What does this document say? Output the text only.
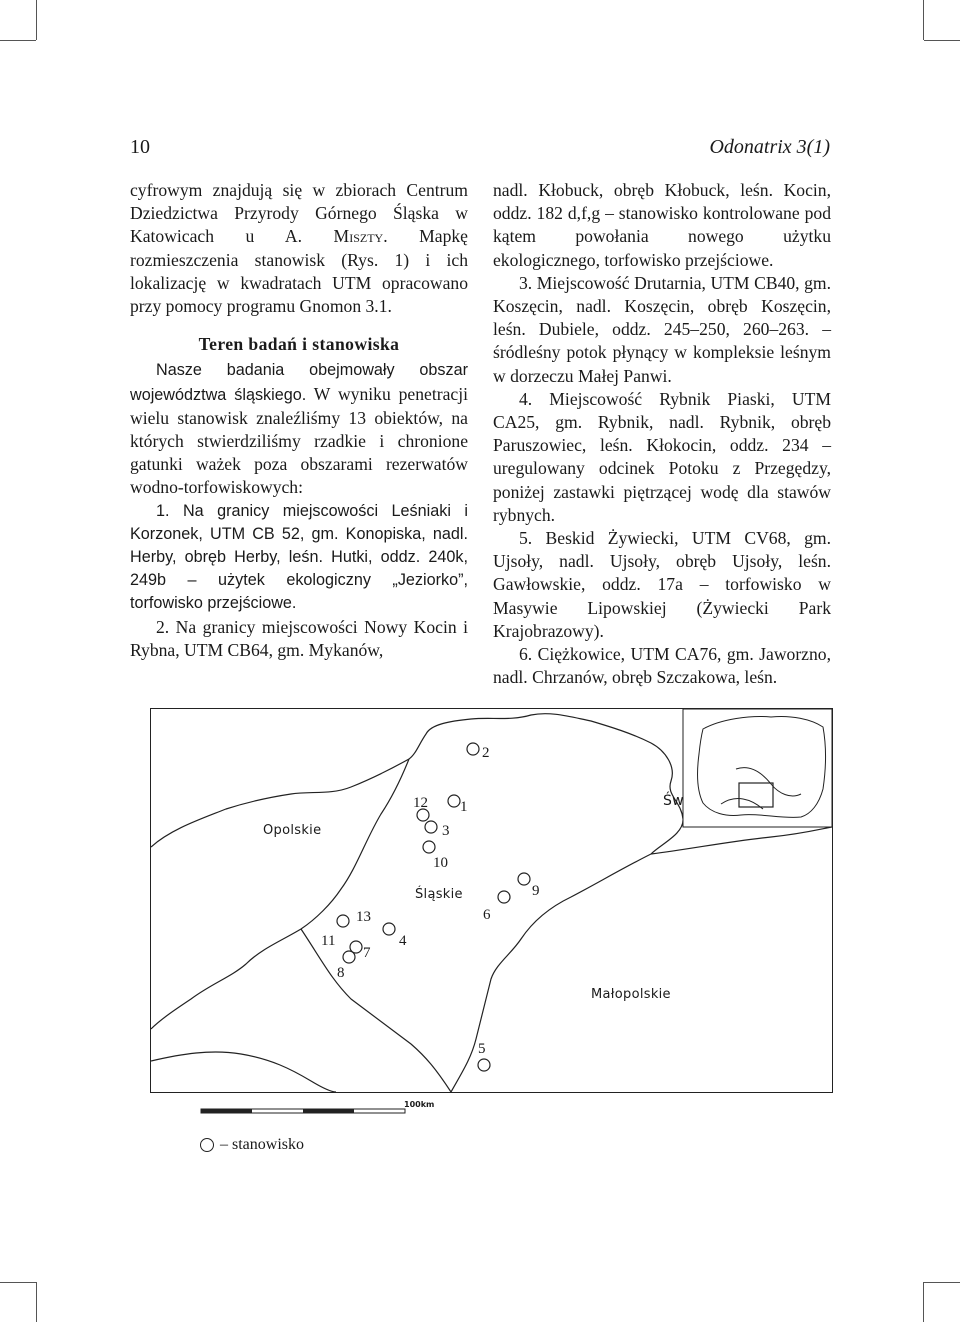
10	Odonatrix 3(1)

cyfrowym znajdują się w zbiorach Centrum Dziedzictwa Przyrody Górnego Śląska w Katowicach u A. Miszty. Mapkę rozmieszczenia stanowisk (Rys. 1) i ich lokalizację w kwadratach UTM opracowano przy pomocy programu Gnomon 3.1.

Teren badań i stanowiska

Nasze badania obejmowały obszar województwa śląskiego. W wyniku penetracji wielu stanowisk znaleźliśmy 13 obiektów, na których stwierdziliśmy rzadkie i chronione gatunki ważek poza obszarami rezerwatów wodno-torfowiskowych:

1. Na granicy miejscowości Leśniaki i Korzonek, UTM CB 52, gm. Konopiska, nadl. Herby, obręb Herby, leśn. Hutki, oddz. 240k, 249b – użytek ekologiczny „Jeziorko”, torfowisko przejściowe.

2. Na granicy miejscowości Nowy Kocin i Rybna, UTM CB64, gm. Mykanów,

nadl. Kłobuck, obręb Kłobuck, leśn. Kocin, oddz. 182 d,f,g – stanowisko kontrolowane pod kątem powołania nowego użytku ekologicznego, torfowisko przejściowe.

3. Miejscowość Drutarnia, UTM CB40, gm. Koszęcin, nadl. Koszęcin, obręb Koszęcin, leśn. Dubiele, oddz. 245–250, 260–263. – śródleśny potok płynący w kompleksie leśnym w dorzeczu Małej Panwi.

4. Miejscowość Rybnik Piaski, UTM CA25, gm. Rybnik, nadl. Rybnik, obręb Paruszowiec, leśn. Kłokocin, oddz. 234 – uregulowany odcinek Potoku z Przegędzy, poniżej zastawki piętrzącej wodę dla stawów rybnych.

5. Beskid Żywiecki, UTM CV68, gm. Ujsoły, nadl. Ujsoły, obręb Ujsoły, leśn. Gawłowskie, oddz. 17a – torfowisko w Masywie Lipowskiej (Żywiecki Park Krajobrazowy).

6. Ciężkowice, UTM CA76, gm. Jaworzno, nadl. Chrzanów, obręb Szczakowa, leśn.

Opolskie
Śląskie
Małopolskie
Św
2
1
12
3
10
9
6
13
11	4
7
8
5
100km
– stanowisko
